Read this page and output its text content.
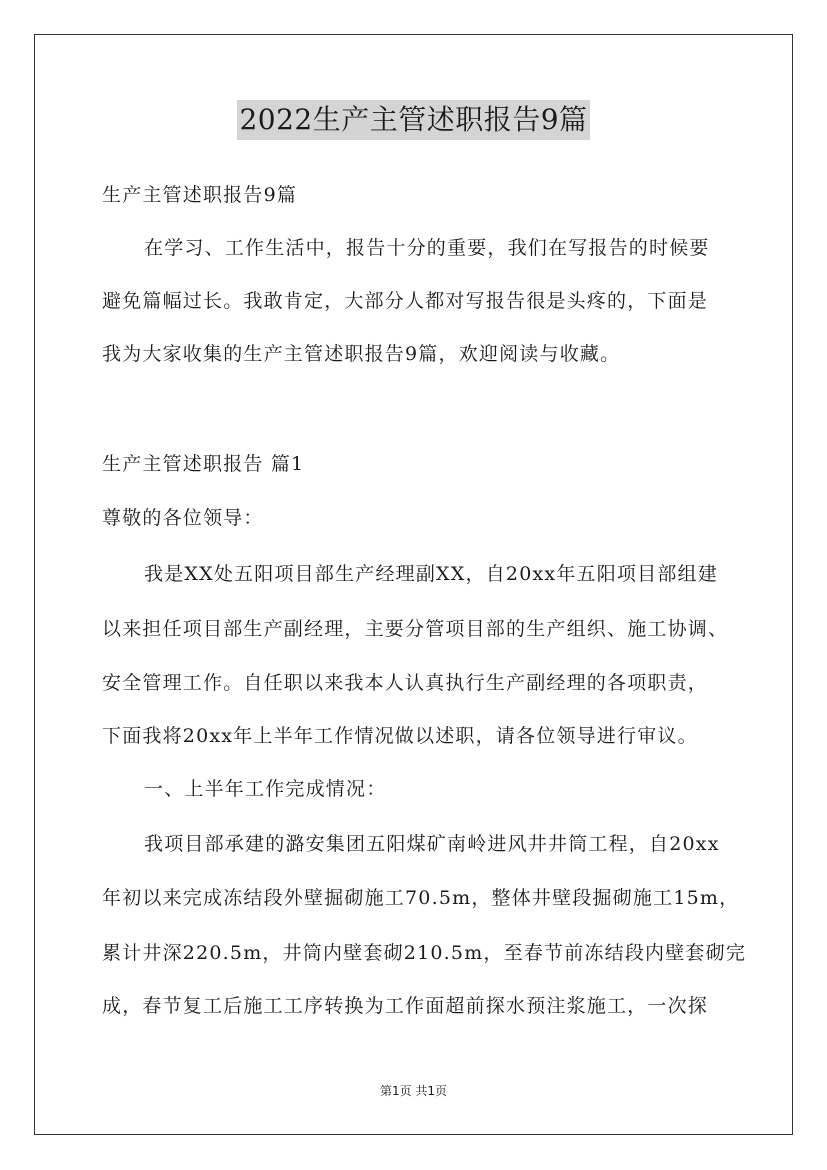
2022生产主管述职报告9篇
生产主管述职报告9篇
在学习、工作生活中，报告十分的重要，我们在写报告的时候要
避免篇幅过长。我敢肯定，大部分人都对写报告很是头疼的，下面是
我为大家收集的生产主管述职报告9篇，欢迎阅读与收藏。
生产主管述职报告 篇1
尊敬的各位领导：
我是XX处五阳项目部生产经理副XX，自20xx年五阳项目部组建
以来担任项目部生产副经理，主要分管项目部的生产组织、施工协调、
安全管理工作。自任职以来我本人认真执行生产副经理的各项职责，
下面我将20xx年上半年工作情况做以述职，请各位领导进行审议。
一、上半年工作完成情况：
我项目部承建的潞安集团五阳煤矿南岭进风井井筒工程，自20xx
年初以来完成冻结段外壁掘砌施工70.5m，整体井壁段掘砌施工15m，
累计井深220.5m，井筒内壁套砌210.5m，至春节前冻结段内壁套砌完
成，春节复工后施工工序转换为工作面超前探水预注浆施工，一次探
第1页 共1页
